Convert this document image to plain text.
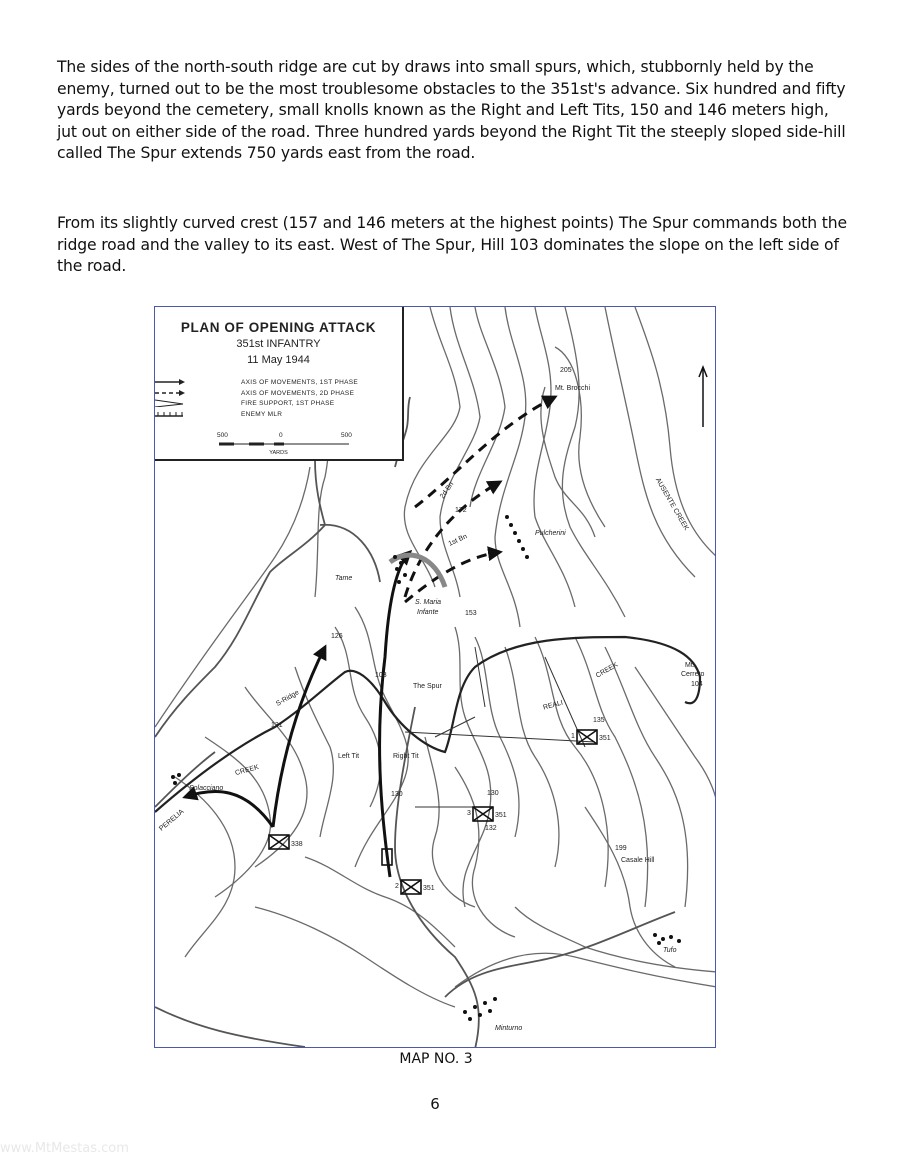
The sides of the north-south ridge are cut by draws into small spurs, which, stubbornly held by the enemy, turned out to be the most troublesome obstacles to the 351st's advance. Six hundred and fifty yards beyond the cemetery, small knolls known as the Right and Left Tits, 150 and 146 meters high, jut out on either side of the road. Three hundred yards beyond the Right Tit the steeply sloped side-hill called The Spur extends 750 yards east from the road.

From its slightly curved crest (157 and 146 meters at the highest points) The Spur commands both the ridge road and the valley to its east. West of The Spur, Hill 103 dominates the slope on the left side of the road.

PLAN OF OPENING ATTACK
351st INFANTRY
11 May 1944
AXIS OF MOVEMENTS, 1ST PHASE
AXIS OF MOVEMENTS, 2D PHASE
FIRE SUPPORT, 1ST PHASE
ENEMY MLR
500	0	500
YARDS
205
Mt. Brocchi
AUSENTE CREEK
2d Bn
1st Bn
172
Pulcherini
Tame
S. Maria
Infante	153
126
103
The Spur
S-Ridge
131
Mt.
Cerreto
104
REALI
CREEK
CREEK
Solacciano
PERELIA
Left Tit	Right Tit
130	130
132
135
199
Casale Hill
Tufo
Minturno
338
2	351
3	351
1	351
MAP NO. 3
6
www.MtMestas.com
